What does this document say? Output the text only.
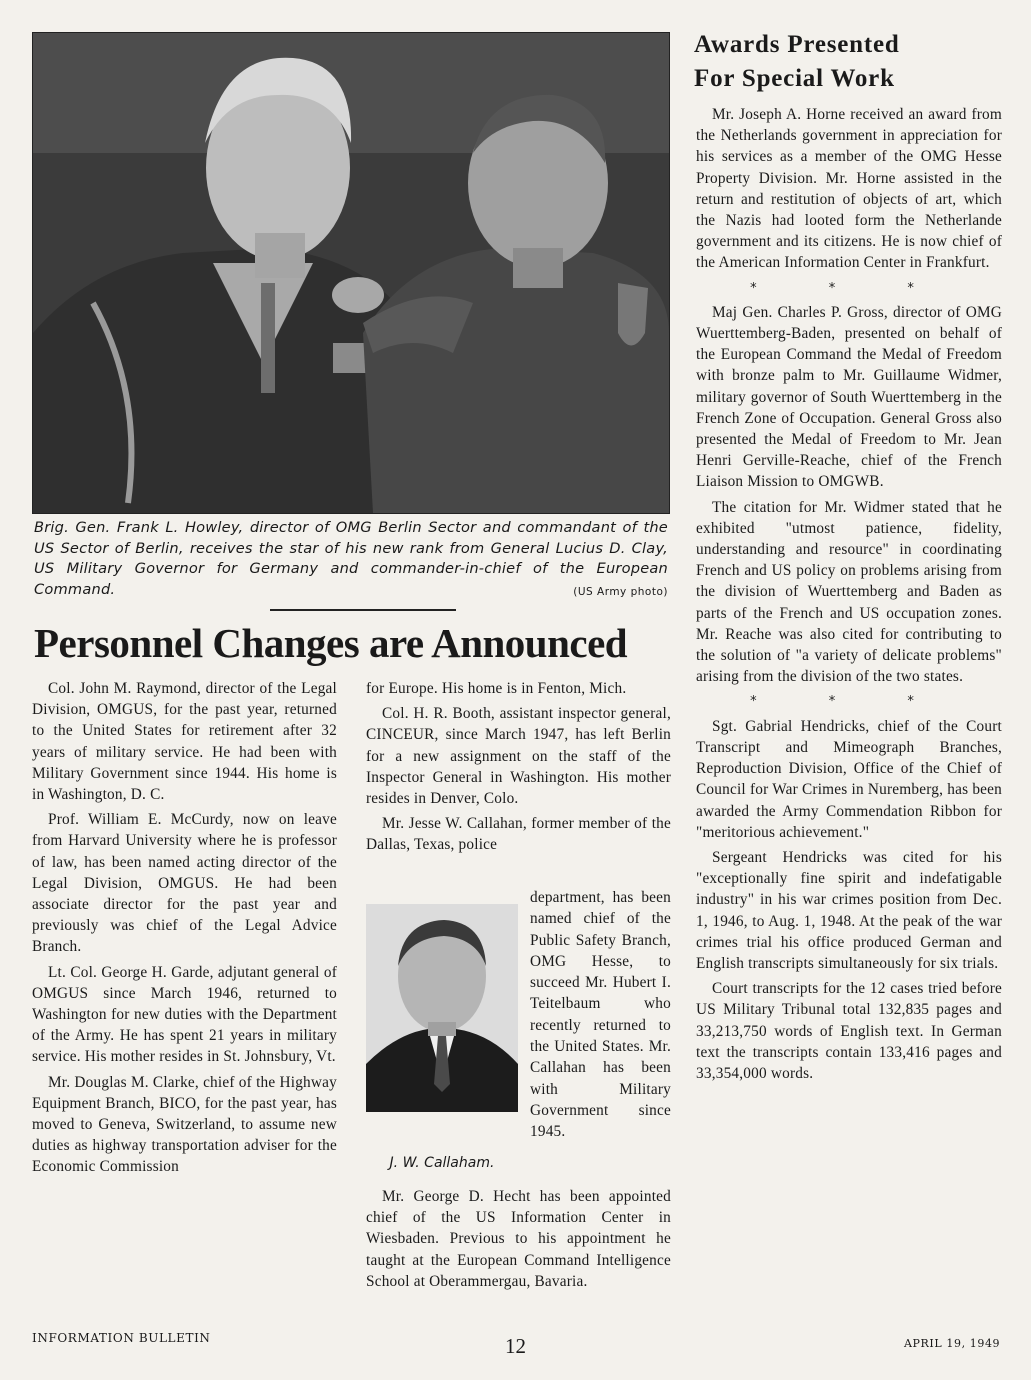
Brig. Gen. Frank L. Howley, director of OMG Berlin Sector and commandant of the US Sector of Berlin, receives the star of his new rank from General Lucius D. Clay, US Military Governor for Germany and commander-in-chief of the European Command.	(US Army photo)
Personnel Changes are Announced
Awards Presented
For Special Work

Col. John M. Raymond, director of the Legal Division, OMGUS, for the past year, returned to the United States for retirement after 32 years of military service. He had been with Military Government since 1944. His home is in Washington, D. C.

Prof. William E. McCurdy, now on leave from Harvard University where he is professor of law, has been named acting director of the Legal Division, OMGUS. He had been associate director for the past year and previously was chief of the Legal Advice Branch.

Lt. Col. George H. Garde, adjutant general of OMGUS since March 1946, returned to Washington for new duties with the Department of the Army. He has spent 21 years in military service. His mother resides in St. Johnsbury, Vt.

Mr. Douglas M. Clarke, chief of the Highway Equipment Branch, BICO, for the past year, has moved to Geneva, Switzerland, to assume new duties as highway transportation adviser for the Economic Commission

for Europe. His home is in Fenton, Mich.

Col. H. R. Booth, assistant inspector general, CINCEUR, since March 1947, has left Berlin for a new assignment on the staff of the Inspector General in Washington. His mother resides in Denver, Colo.

Mr. Jesse W. Callahan, former member of the Dallas, Texas, police

J. W. Callaham.

department, has been named chief of the Public Safety Branch, OMG Hesse, to succeed Mr. Hubert I. Teitelbaum who recently returned to the United States. Mr. Callahan has been with Military Government since 1945.

Mr. George D. Hecht has been appointed chief of the US Information Center in Wiesbaden. Previous to his appointment he taught at the European Command Intelligence School at Oberammergau, Bavaria.

Mr. Joseph A. Horne received an award from the Netherlands government in appreciation for his services as a member of the OMG Hesse Property Division. Mr. Horne assisted in the return and restitution of objects of art, which the Nazis had looted form the Netherlande government and its citizens. He is now chief of the American Information Center in Frankfurt.

* * *

Maj Gen. Charles P. Gross, director of OMG Wuerttemberg-Baden, presented on behalf of the European Command the Medal of Freedom with bronze palm to Mr. Guillaume Widmer, military governor of South Wuerttemberg in the French Zone of Occupation. General Gross also presented the Medal of Freedom to Mr. Jean Henri Gerville-Reache, chief of the French Liaison Mission to OMGWB.

The citation for Mr. Widmer stated that he exhibited "utmost patience, fidelity, understanding and resource" in coordinating French and US policy on problems arising from the division of Wuerttemberg and Baden as parts of the French and US occupation zones. Mr. Reache was also cited for contributing to the solution of "a variety of delicate problems" arising from the division of the two states.

* * *

Sgt. Gabrial Hendricks, chief of the Court Transcript and Mimeograph Branches, Reproduction Division, Office of the Chief of Council for War Crimes in Nuremberg, has been awarded the Army Commendation Ribbon for "meritorious achievement."

Sergeant Hendricks was cited for his "exceptionally fine spirit and indefatigable industry" in his war crimes position from Dec. 1, 1946, to Aug. 1, 1948. At the peak of the war crimes trial his office produced German and English transcripts simultaneously for six trials.

Court transcripts for the 12 cases tried before US Military Tribunal total 132,835 pages and 33,213,750 words of English text. In German text the transcripts contain 133,416 pages and 33,354,000 words.

INFORMATION BULLETIN	12	APRIL 19, 1949
